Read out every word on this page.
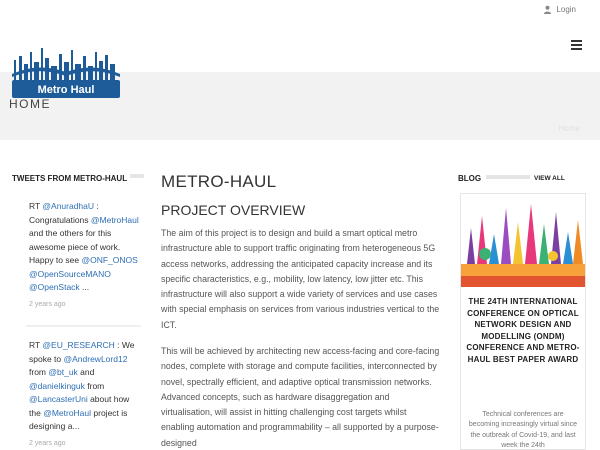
Login
Metro Haul
HOME
Home
TWEETS FROM METRO-HAUL
RT @AnuradhaU : Congratulations @MetroHaul and the others for this awesome piece of work. Happy to see @ONF_ONOS @OpenSourceMANO @OpenStack ...
2 years ago
RT @EU_RESEARCH : We spoke to @AndrewLord12 from @bt_uk and @danielkinguk from @LancasterUni about how the @MetroHaul project is designing a...
2 years ago
METRO-HAUL
PROJECT OVERVIEW

The aim of this project is to design and build a smart optical metro infrastructure able to support traffic originating from heterogeneous 5G access networks, addressing the anticipated capacity increase and its specific characteristics, e.g., mobility, low latency, low jitter etc. This infrastructure will also support a wide variety of services and use cases with special emphasis on services from various industries vertical to the ICT.

This will be achieved by architecting new access-facing and core-facing nodes, complete with storage and compute facilities, interconnected by novel, spectrally efficient, and adaptive optical transmission networks. Advanced concepts, such as hardware disaggregation and virtualisation, will assist in hitting challenging cost targets whilst enabling automation and programmability – all supported by a purpose-designed

BLOG	VIEW ALL
THE 24TH INTERNATIONAL CONFERENCE ON OPTICAL NETWORK DESIGN AND MODELLING (ONDM) CONFERENCE AND METRO-HAUL BEST PAPER AWARD
Technical conferences are becoming increasingly virtual since the outbreak of Covid-19, and last week the 24th
